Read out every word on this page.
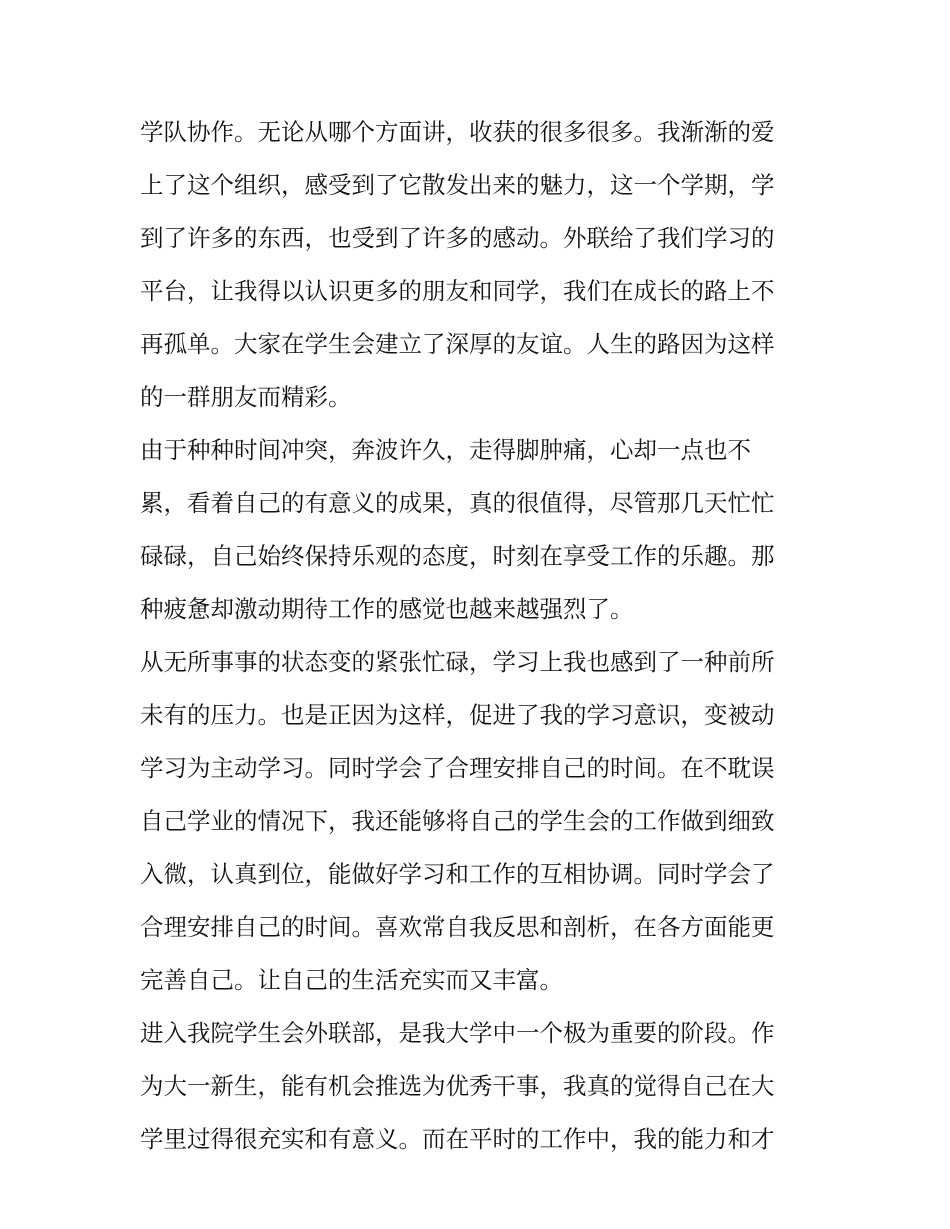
学队协作。无论从哪个方面讲，收获的很多很多。我渐渐的爱
上了这个组织，感受到了它散发出来的魅力，这一个学期，学
到了许多的东西，也受到了许多的感动。外联给了我们学习的
平台，让我得以认识更多的朋友和同学，我们在成长的路上不
再孤单。大家在学生会建立了深厚的友谊。人生的路因为这样
的一群朋友而精彩。
由于种种时间冲突，奔波许久，走得脚肿痛，心却一点也不
累，看着自己的有意义的成果，真的很值得，尽管那几天忙忙
碌碌，自己始终保持乐观的态度，时刻在享受工作的乐趣。那
种疲惫却激动期待工作的感觉也越来越强烈了。
从无所事事的状态变的紧张忙碌，学习上我也感到了一种前所
未有的压力。也是正因为这样，促进了我的学习意识，变被动
学习为主动学习。同时学会了合理安排自己的时间。在不耽误
自己学业的情况下，我还能够将自己的学生会的工作做到细致
入微，认真到位，能做好学习和工作的互相协调。同时学会了
合理安排自己的时间。喜欢常自我反思和剖析，在各方面能更
完善自己。让自己的生活充实而又丰富。
进入我院学生会外联部，是我大学中一个极为重要的阶段。作
为大一新生，能有机会推选为优秀干事，我真的觉得自己在大
学里过得很充实和有意义。而在平时的工作中，我的能力和才
